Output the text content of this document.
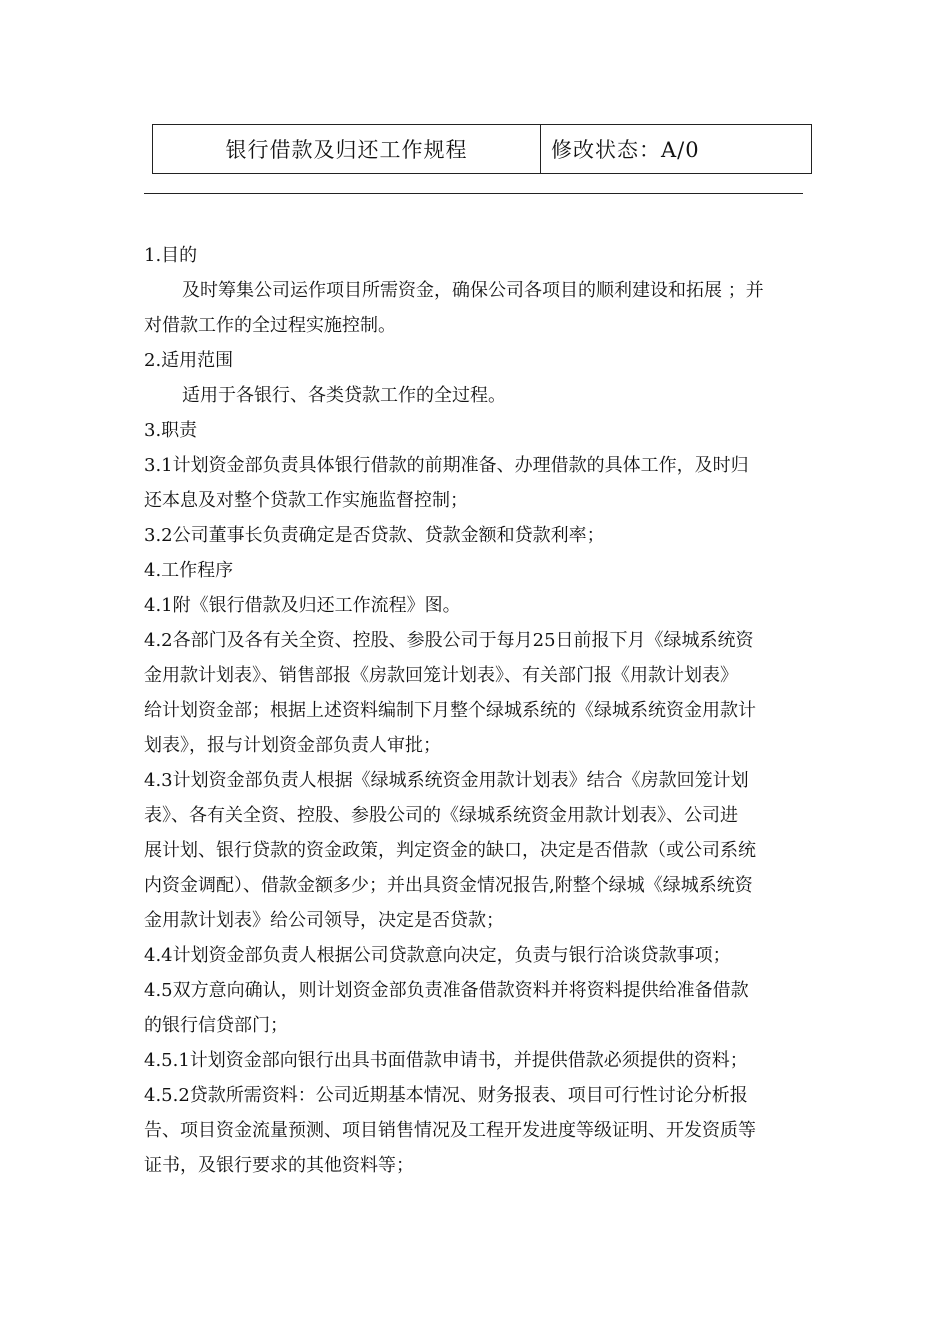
银行借款及归还工作规程	修改状态：A/0
1.目的
及时筹集公司运作项目所需资金，确保公司各项目的顺利建设和拓展 ；并
对借款工作的全过程实施控制。
2.适用范围
适用于各银行、各类贷款工作的全过程。
3.职责
3.1计划资金部负责具体银行借款的前期准备、办理借款的具体工作，及时归
还本息及对整个贷款工作实施监督控制；
3.2公司董事长负责确定是否贷款、贷款金额和贷款利率；
4.工作程序
4.1附《银行借款及归还工作流程》图。
4.2各部门及各有关全资、控股、参股公司于每月25日前报下月《绿城系统资
金用款计划表》、销售部报《房款回笼计划表》、有关部门报《用款计划表》
给计划资金部；根据上述资料编制下月整个绿城系统的《绿城系统资金用款计
划表》，报与计划资金部负责人审批；
4.3计划资金部负责人根据《绿城系统资金用款计划表》结合《房款回笼计划
表》、各有关全资、控股、参股公司的《绿城系统资金用款计划表》、公司进
展计划、银行贷款的资金政策，判定资金的缺口，决定是否借款（或公司系统
内资金调配）、借款金额多少；并出具资金情况报告,附整个绿城《绿城系统资
金用款计划表》给公司领导，决定是否贷款；
4.4计划资金部负责人根据公司贷款意向决定，负责与银行洽谈贷款事项；
4.5双方意向确认，则计划资金部负责准备借款资料并将资料提供给准备借款
的银行信贷部门；
4.5.1计划资金部向银行出具书面借款申请书，并提供借款必须提供的资料；
4.5.2贷款所需资料：公司近期基本情况、财务报表、项目可行性讨论分析报
告、项目资金流量预测、项目销售情况及工程开发进度等级证明、开发资质等
证书，及银行要求的其他资料等；
